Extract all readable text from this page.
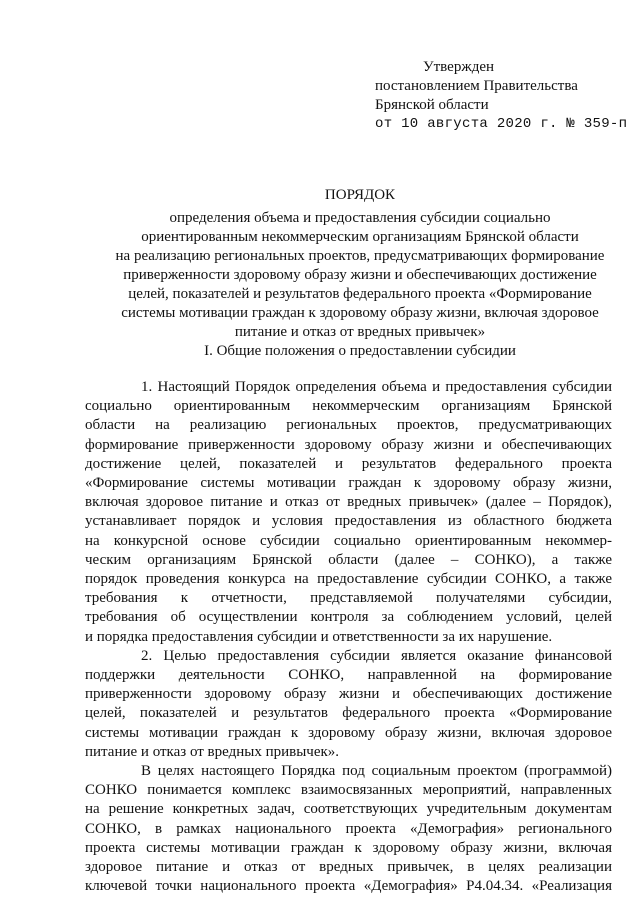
Утвержден
постановлением Правительства
Брянской области
от 10 августа 2020 г. № 359-п
ПОРЯДОК
определения объема и предоставления субсидии социально
ориентированным некоммерческим организациям Брянской области
на реализацию региональных проектов, предусматривающих формирование
приверженности здоровому образу жизни и обеспечивающих достижение
целей, показателей и результатов федерального проекта «Формирование
системы мотивации граждан к здоровому образу жизни, включая здоровое
питание и отказ от вредных привычек»
I. Общие положения о предоставлении субсидии
1. Настоящий Порядок определения объема и предоставления субсидии
социально ориентированным некоммерческим организациям Брянской
области на реализацию региональных проектов, предусматривающих
формирование приверженности здоровому образу жизни и обеспечивающих
достижение целей, показателей и результатов федерального проекта
«Формирование системы мотивации граждан к здоровому образу жизни,
включая здоровое питание и отказ от вредных привычек» (далее – Порядок),
устанавливает порядок и условия предоставления из областного бюджета
на конкурсной основе субсидии социально ориентированным некоммер-
ческим организациям Брянской области (далее – СОНКО), а также
порядок проведения конкурса на предоставление субсидии СОНКО, а также
требования к отчетности, представляемой получателями субсидии,
требования об осуществлении контроля за соблюдением условий, целей
и порядка предоставления субсидии и ответственности за их нарушение.
2. Целью предоставления субсидии является оказание финансовой
поддержки деятельности СОНКО, направленной на формирование
приверженности здоровому образу жизни и обеспечивающих достижение
целей, показателей и результатов федерального проекта «Формирование
системы мотивации граждан к здоровому образу жизни, включая здоровое
питание и отказ от вредных привычек».
В целях настоящего Порядка под социальным проектом (программой)
СОНКО понимается комплекс взаимосвязанных мероприятий, направленных
на решение конкретных задач, соответствующих учредительным документам
СОНКО, в рамках национального проекта «Демография» регионального
проекта системы мотивации граждан к здоровому образу жизни, включая
здоровое питание и отказ от вредных привычек, в целях реализации
ключевой точки национального проекта «Демография» Р4.04.34. «Реализация
